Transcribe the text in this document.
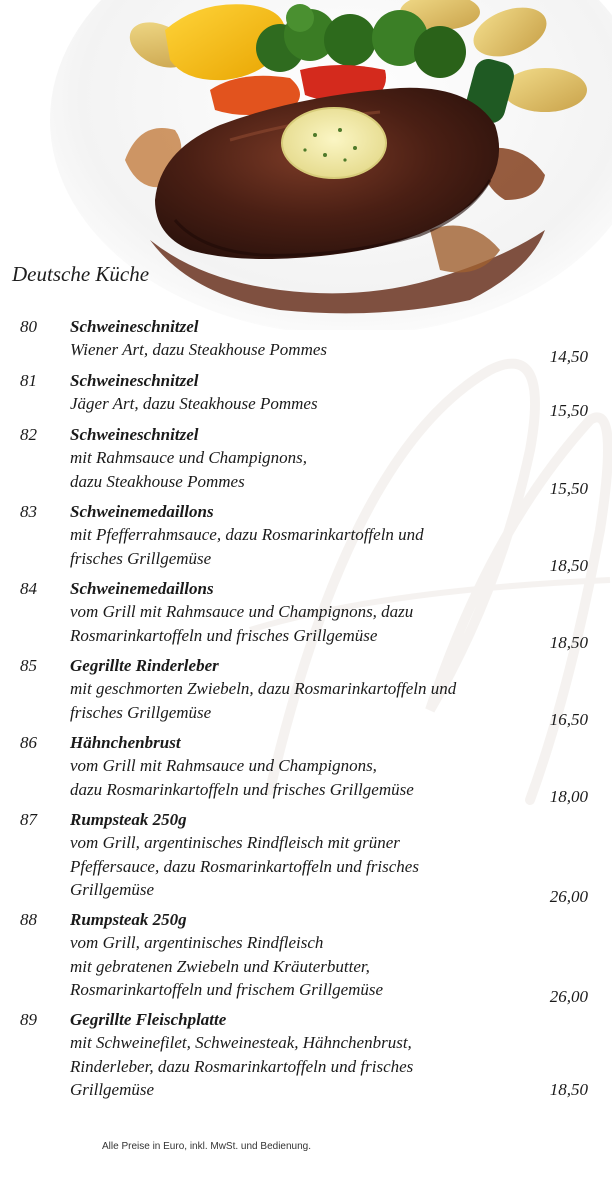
Deutsche Küche
80 Schweineschnitzel
Wiener Art, dazu Steakhouse Pommes	14,50
81 Schweineschnitzel
Jäger Art, dazu Steakhouse Pommes	15,50
82 Schweineschnitzel
mit Rahmsauce und Champignons,
dazu Steakhouse Pommes	15,50
83 Schweinemedaillons
mit Pfefferrahmsauce, dazu Rosmarinkartoffeln und
frisches Grillgemüse	18,50
84 Schweinemedaillons
vom Grill mit Rahmsauce und Champignons, dazu
Rosmarinkartoffeln und frisches Grillgemüse	18,50
85 Gegrillte Rinderleber
mit geschmorten Zwiebeln, dazu Rosmarinkartoffeln und
frisches Grillgemüse	16,50
86 Hähnchenbrust
vom Grill mit Rahmsauce und Champignons,
dazu Rosmarinkartoffeln und frisches Grillgemüse	18,00
87 Rumpsteak 250g
vom Grill, argentinisches Rindfleisch mit grüner
Pfeffersauce, dazu Rosmarinkartoffeln und frisches
Grillgemüse	26,00
88 Rumpsteak 250g
vom Grill, argentinisches Rindfleisch
mit gebratenen Zwiebeln und Kräuterbutter,
Rosmarinkartoffeln und frischem Grillgemüse	26,00
89 Gegrillte Fleischplatte
mit Schweinefilet, Schweinesteak, Hähnchenbrust,
Rinderleber, dazu Rosmarinkartoffeln und frisches
Grillgemüse	18,50
Alle Preise in Euro, inkl. MwSt. und Bedienung.
